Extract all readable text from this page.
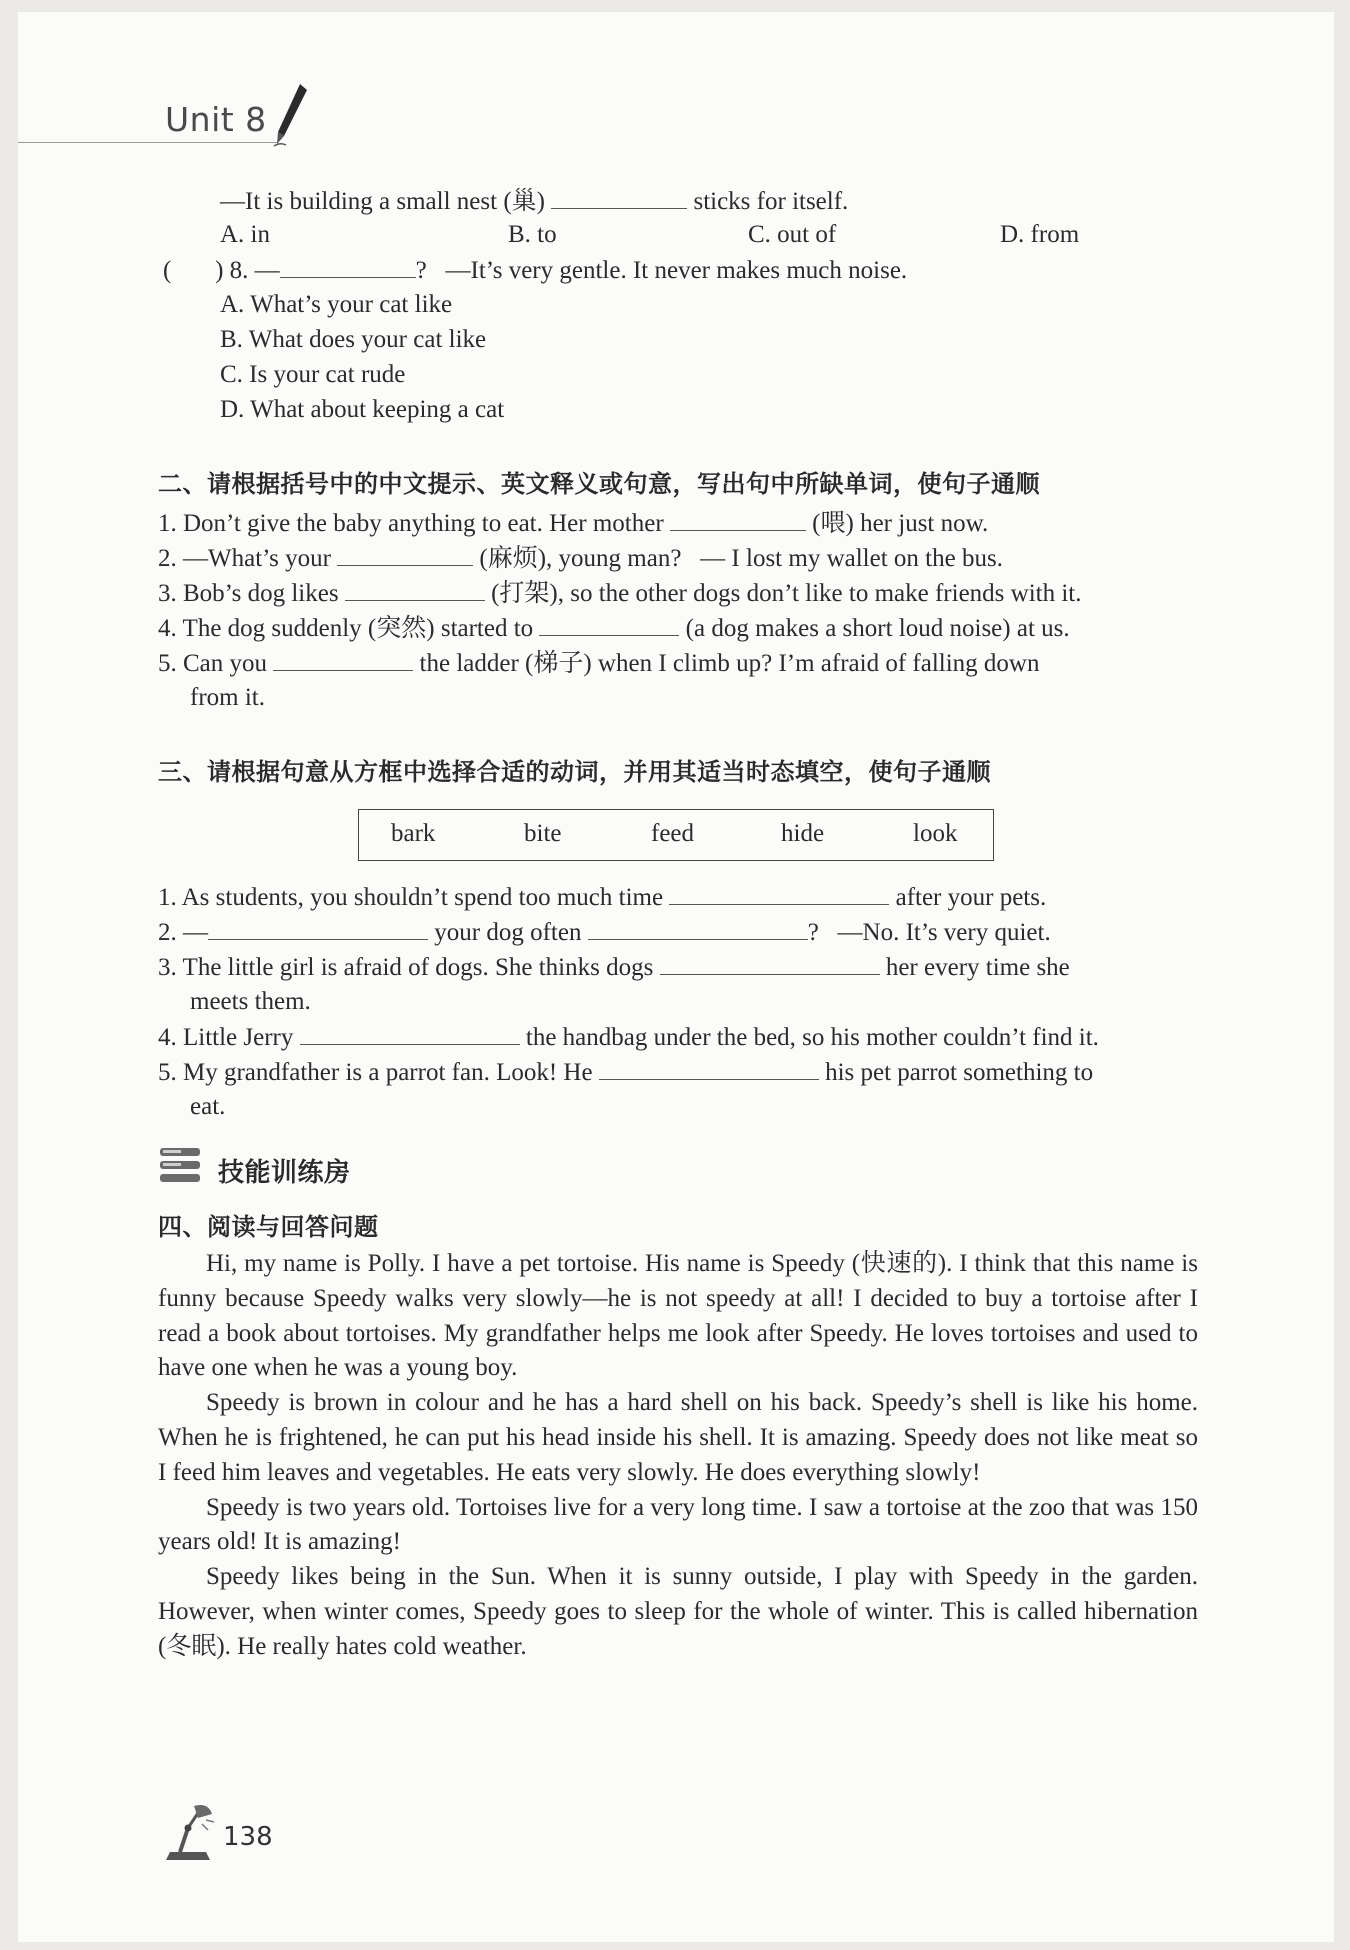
Unit 8
—It is building a small nest (巢)	sticks for itself.
A. in	B. to	C. out of	D. from
(       ) 8. —	?   —It’s very gentle. It never makes much noise.
A. What’s your cat like
B. What does your cat like
C. Is your cat rude
D. What about keeping a cat
二、请根据括号中的中文提示、英文释义或句意，写出句中所缺单词，使句子通顺
1. Don’t give the baby anything to eat. Her mother	(喂) her just now.
2. —What’s your	(麻烦), young man?   — I lost my wallet on the bus.
3. Bob’s dog likes	(打架), so the other dogs don’t like to make friends with it.
4. The dog suddenly (突然) started to	(a dog makes a short loud noise) at us.
5. Can you	the ladder (梯子) when I climb up? I’m afraid of falling down
from it.
三、请根据句意从方框中选择合适的动词，并用其适当时态填空，使句子通顺
bark	bite	feed	hide	look
1. As students, you shouldn’t spend too much time	after your pets.
2. —	your dog often	?   —No. It’s very quiet.
3. The little girl is afraid of dogs. She thinks dogs	her every time she
meets them.
4. Little Jerry	the handbag under the bed, so his mother couldn’t find it.
5. My grandfather is a parrot fan. Look! He	his pet parrot something to
eat.
技能训练房
四、阅读与回答问题

Hi, my name is Polly. I have a pet tortoise. His name is Speedy (快速的). I think that this name is funny because Speedy walks very slowly—he is not speedy at all! I decided to buy a tortoise after I read a book about tortoises. My grandfather helps me look after Speedy. He loves tortoises and used to have one when he was a young boy.

Speedy is brown in colour and he has a hard shell on his back. Speedy’s shell is like his home. When he is frightened, he can put his head inside his shell. It is amazing. Speedy does not like meat so I feed him leaves and vegetables. He eats very slowly. He does everything slowly!

Speedy is two years old. Tortoises live for a very long time. I saw a tortoise at the zoo that was 150 years old! It is amazing!

Speedy likes being in the Sun. When it is sunny outside, I play with Speedy in the garden. However, when winter comes, Speedy goes to sleep for the whole of winter. This is called hibernation (冬眠). He really hates cold weather.

138
